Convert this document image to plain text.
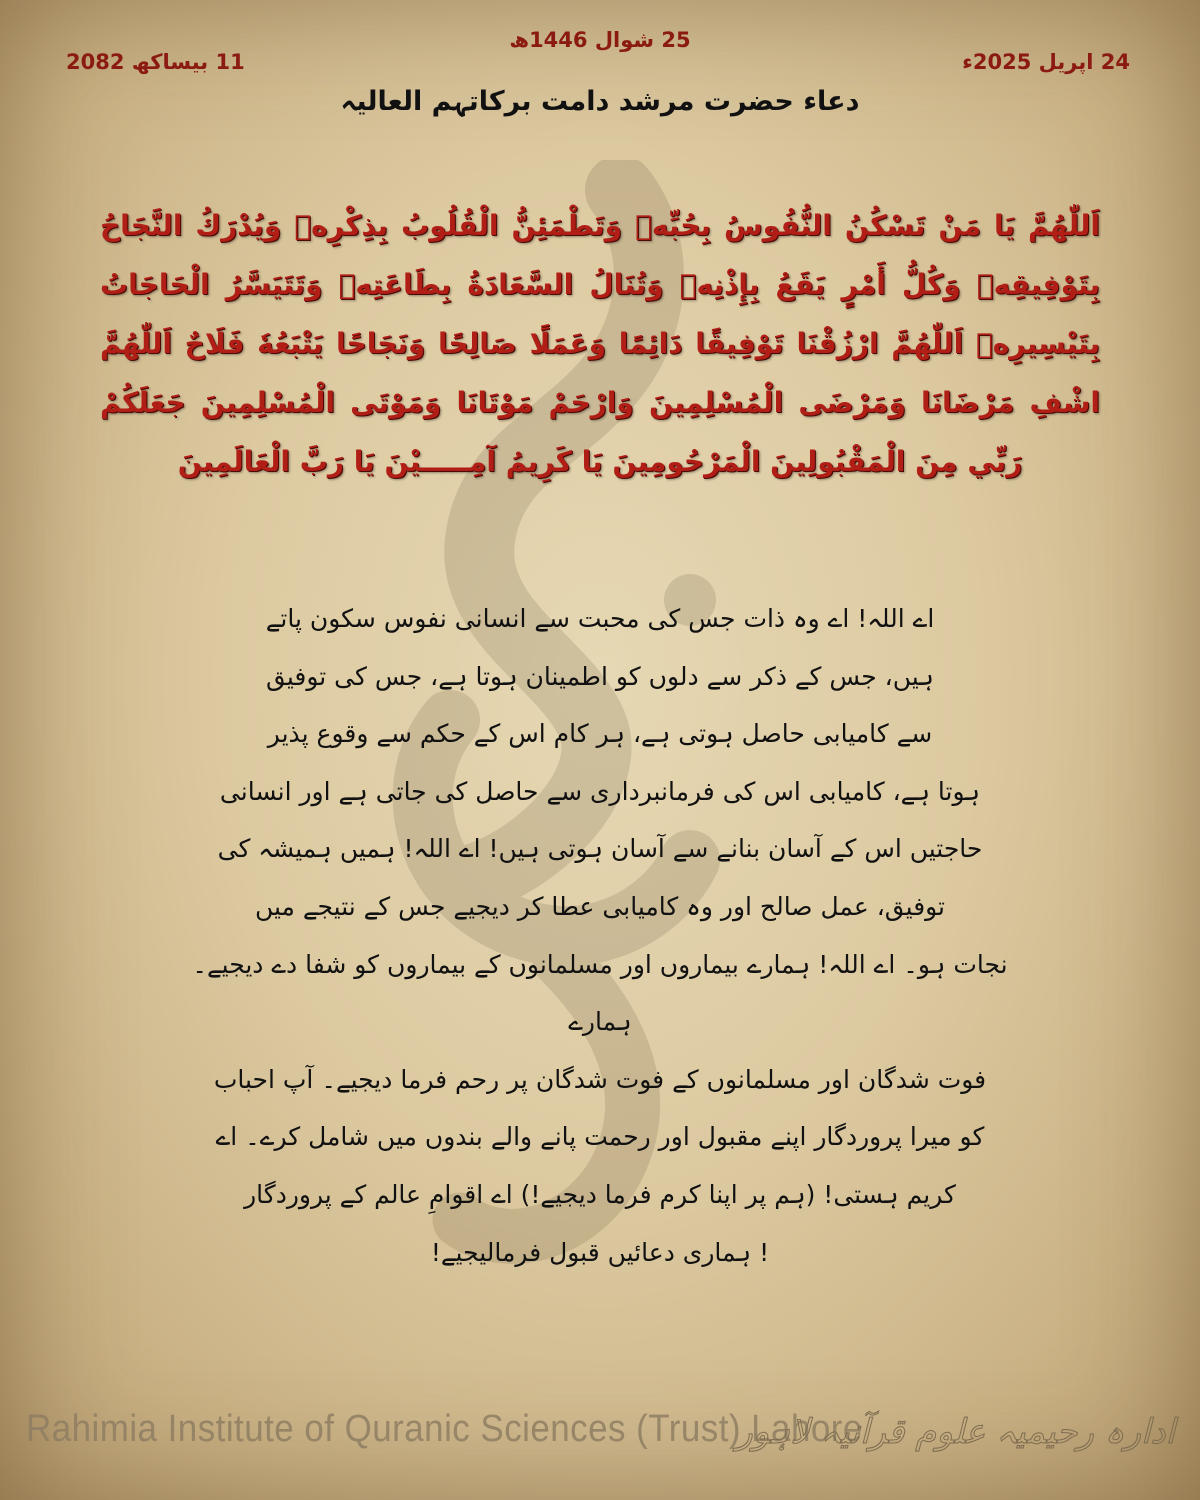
24 اپریل 2025ء
25 شوال 1446ھ
11 بیساکھ 2082
دعاء حضرت مرشد دامت برکاتہم العالیہ
اَللّٰهُمَّ يَا مَنْ تَسْكُنُ النُّفُوسُ بِحُبِّهٖ وَتَطْمَئِنُّ الْقُلُوبُ بِذِكْرِهٖ وَيُدْرَكُ النَّجَاحُ بِتَوْفِيقِهٖ وَكُلُّ أَمْرٍ يَقَعُ بِإِذْنِهٖ وَتُنَالُ السَّعَادَةُ بِطَاعَتِهٖ وَتَتَيَسَّرُ الْحَاجَاتُ بِتَيْسِيرِهٖ اَللّٰهُمَّ ارْزُقْنَا تَوْفِيقًا دَائِمًا وَعَمَلًا صَالِحًا وَنَجَاحًا يَتْبَعُهٗ فَلَاحٌ اَللّٰهُمَّ اشْفِ مَرْضَانَا وَمَرْضَى الْمُسْلِمِينَ وَارْحَمْ مَوْتَانَا وَمَوْتَى الْمُسْلِمِينَ جَعَلَكُمْ رَبِّي مِنَ الْمَقْبُولِينَ الْمَرْحُومِينَ يَا كَرِيمُ آمِـــــيْنَ يَا رَبَّ الْعَالَمِينَ
اے اللہ! اے وہ ذات جس کی محبت سے انسانی نفوس سکون پاتے
ہیں، جس کے ذکر سے دلوں کو اطمینان ہوتا ہے، جس کی توفیق
سے کامیابی حاصل ہوتی ہے، ہر کام اس کے حکم سے وقوع پذیر
ہوتا ہے، کامیابی اس کی فرمانبرداری سے حاصل کی جاتی ہے اور انسانی
حاجتیں اس کے آسان بنانے سے آسان ہوتی ہیں! اے اللہ! ہمیں ہمیشہ کی
توفیق، عمل صالح اور وہ کامیابی عطا کر دیجیے جس کے نتیجے میں
نجات ہو۔ اے اللہ! ہمارے بیماروں اور مسلمانوں کے بیماروں کو شفا دے دیجیے۔ ہمارے
فوت شدگان اور مسلمانوں کے فوت شدگان پر رحم فرما دیجیے۔ آپ احباب
کو میرا پروردگار اپنے مقبول اور رحمت پانے والے بندوں میں شامل کرے۔ اے
کریم ہستی! (ہم پر اپنا کرم فرما دیجیے!) اے اقوامِ عالم کے پروردگار
! ہماری دعائیں قبول فرمالیجیے!
Rahimia Institute of Quranic Sciences (Trust) Lahore
ادارہ رحیمیہ علوم قرآنیہ لاہور
